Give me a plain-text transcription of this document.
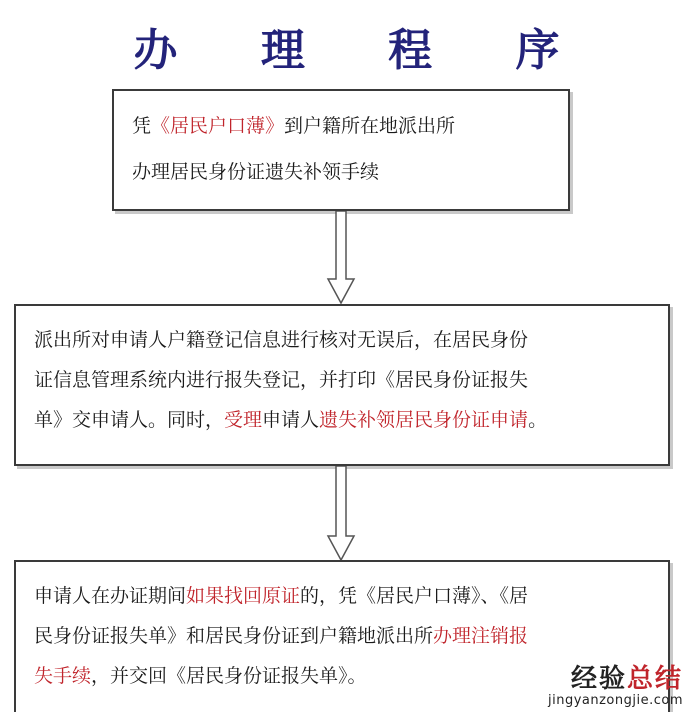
办 理 程 序
凭《居民户口薄》到户籍所在地派出所
办理居民身份证遗失补领手续
派出所对申请人户籍登记信息进行核对无误后，在居民身份
证信息管理系统内进行报失登记，并打印《居民身份证报失
单》交申请人。同时，受理申请人遗失补领居民身份证申请。
申请人在办证期间如果找回原证的，凭《居民户口薄》、《居
民身份证报失单》和居民身份证到户籍地派出所办理注销报
失手续，并交回《居民身份证报失单》。	经验总结
jingyanzongjie.com
